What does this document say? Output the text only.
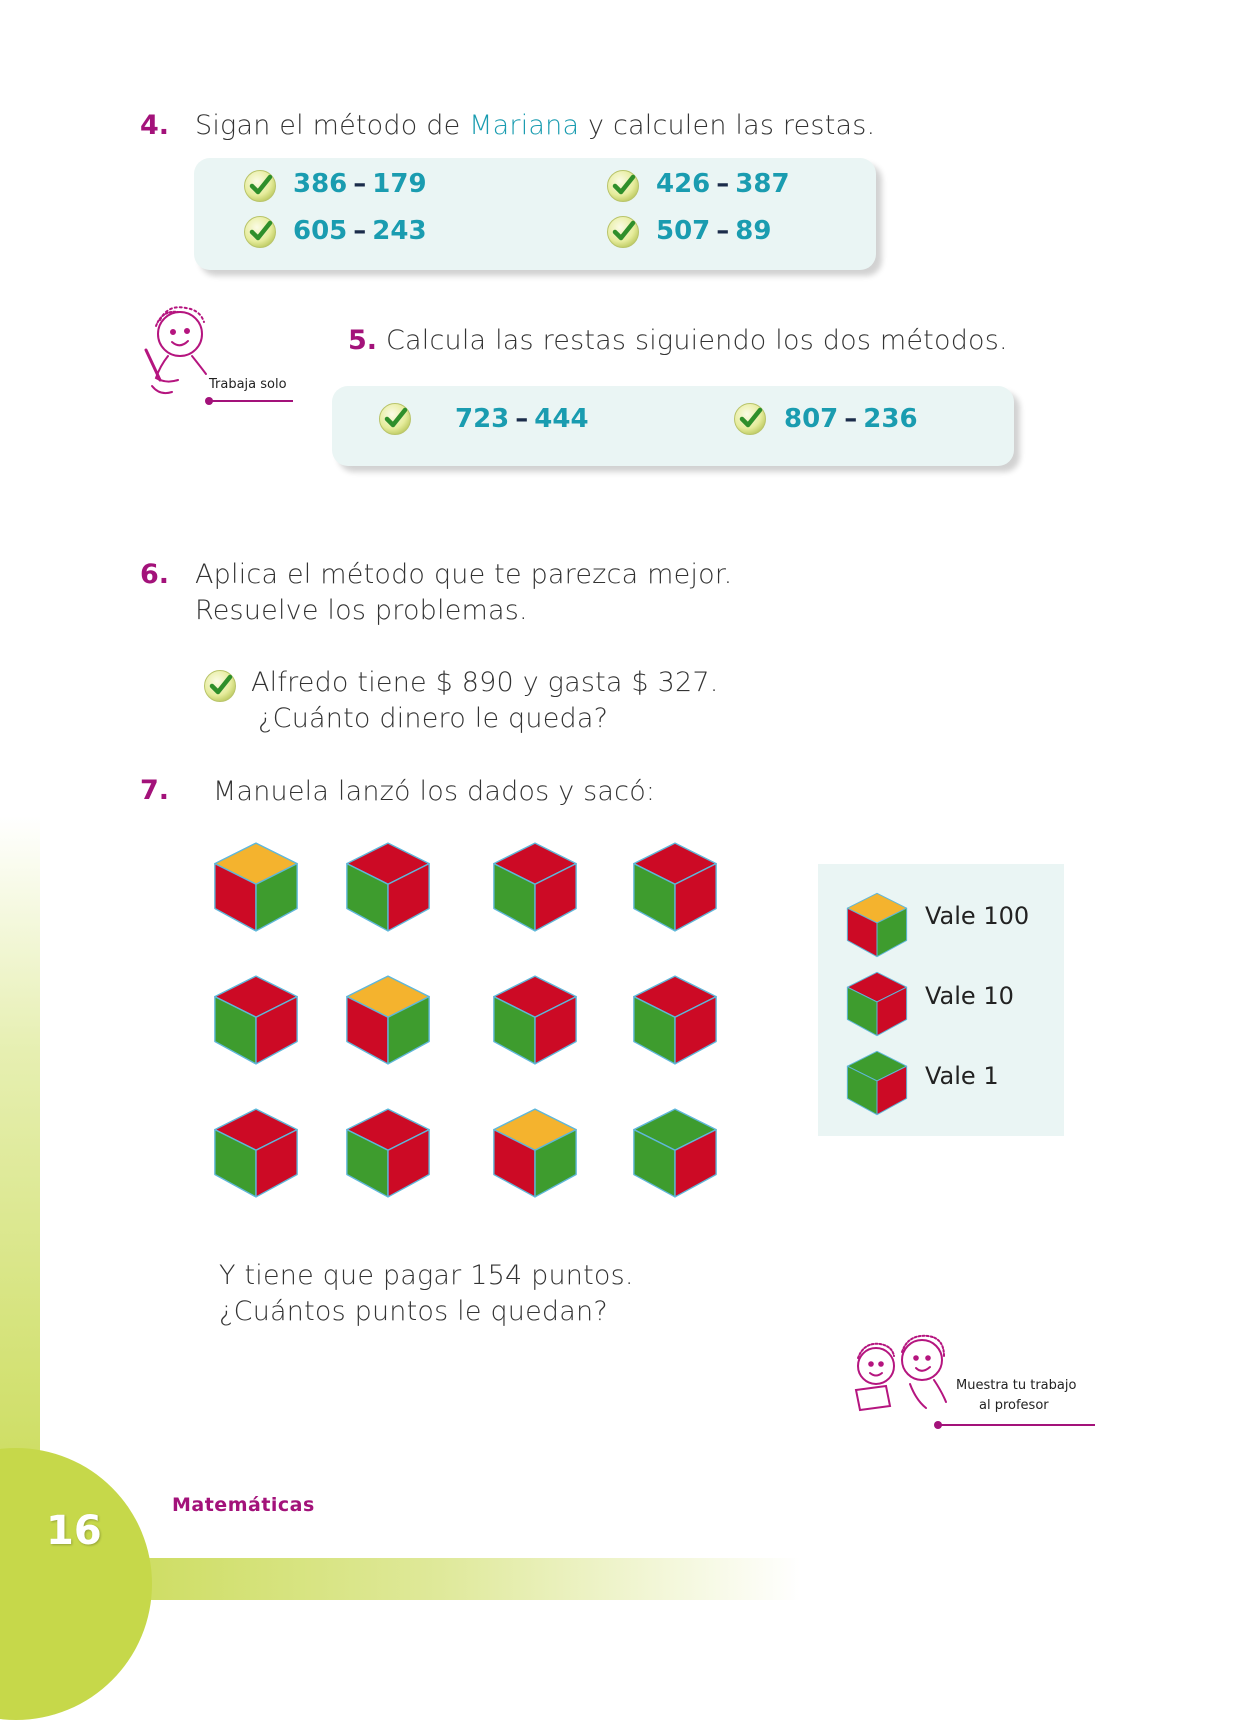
4. Sigan el método de Mariana y calculen las restas.
386 – 179	426 – 387
605 – 243	507 – 89
Trabaja solo
5. Calcula las restas siguiendo los dos métodos.
723 – 444	807 – 236
6. Aplica el método que te parezca mejor.
Resuelve los problemas.
Alfredo tiene $ 890 y gasta $ 327.
¿Cuánto dinero le queda?
7. Manuela lanzó los dados y sacó:
Vale 100
Vale 10
Vale 1
Y tiene que pagar 154 puntos.
¿Cuántos puntos le quedan?
Muestra tu trabajo
al profesor
16
Matemáticas
